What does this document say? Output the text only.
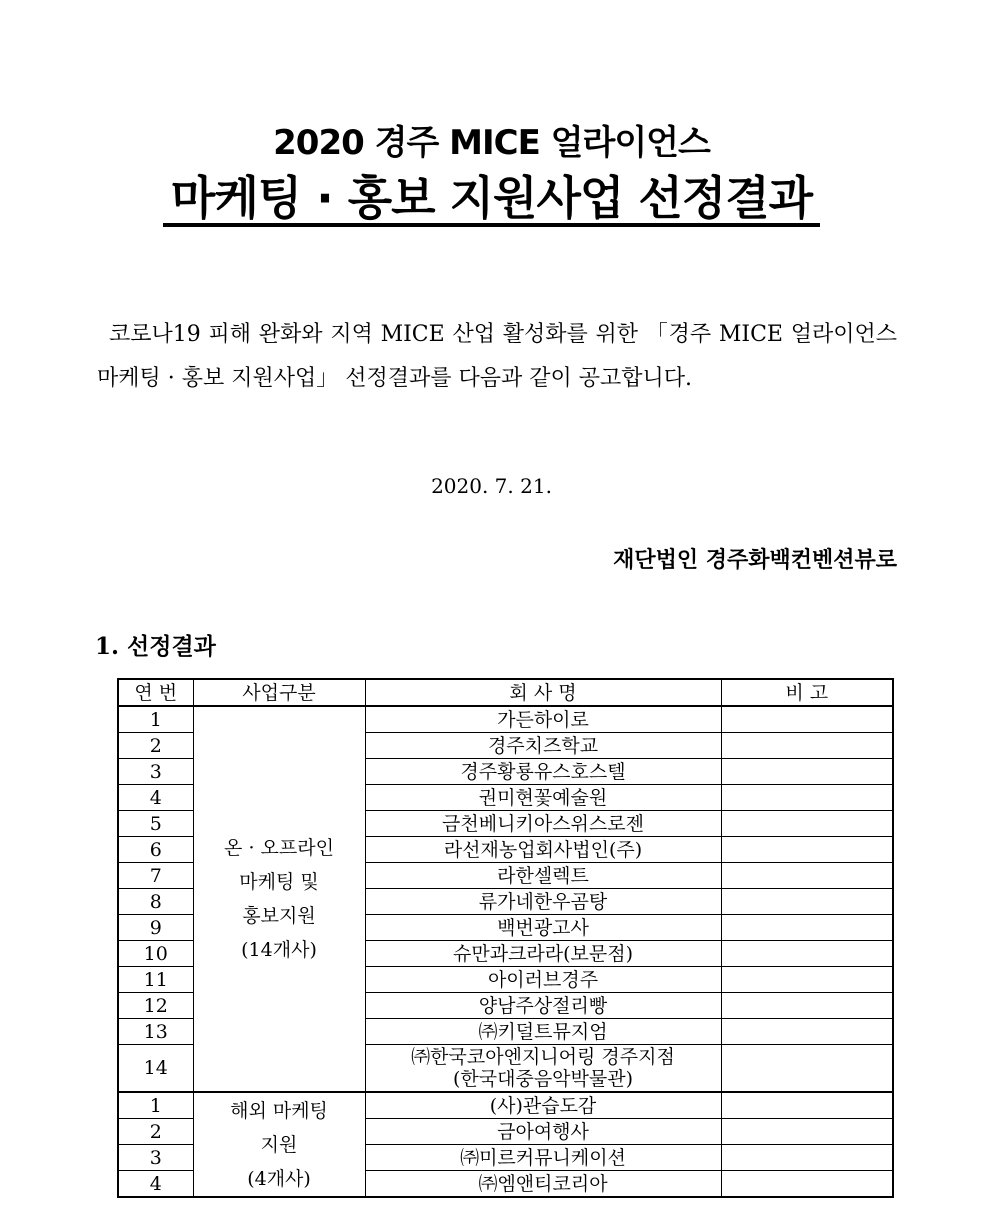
2020 경주 MICE 얼라이언스
마케팅 · 홍보 지원사업 선정결과
코로나19 피해 완화와 지역 MICE 산업 활성화를 위한 「경주 MICE 얼라이언스 마케팅 · 홍보 지원사업」 선정결과를 다음과 같이 공고합니다.
2020. 7. 21.
재단법인 경주화백컨벤션뷰로
1. 선정결과
연 번	사업구분	회 사 명	비 고
1	온 · 오프라인
마케팅 및
홍보지원
(14개사)	가든하이로	
2		경주치즈학교	
3		경주황룡유스호스텔	
4		권미현꽃예술원	
5		금천베니키아스위스로젠	
6		라선재농업회사법인(주)	
7		라한셀렉트	
8		류가네한우곰탕	
9		백번광고사	
10		슈만과크라라(보문점)	
11		아이러브경주	
12		양남주상절리빵	
13		㈜키덜트뮤지엄	
14		㈜한국코아엔지니어링 경주지점
(한국대중음악박물관)	

1	해외 마케팅
지원
(4개사)	(사)관습도감	
2		금아여행사	
3		㈜미르커뮤니케이션	
4		㈜엠앤티코리아	
